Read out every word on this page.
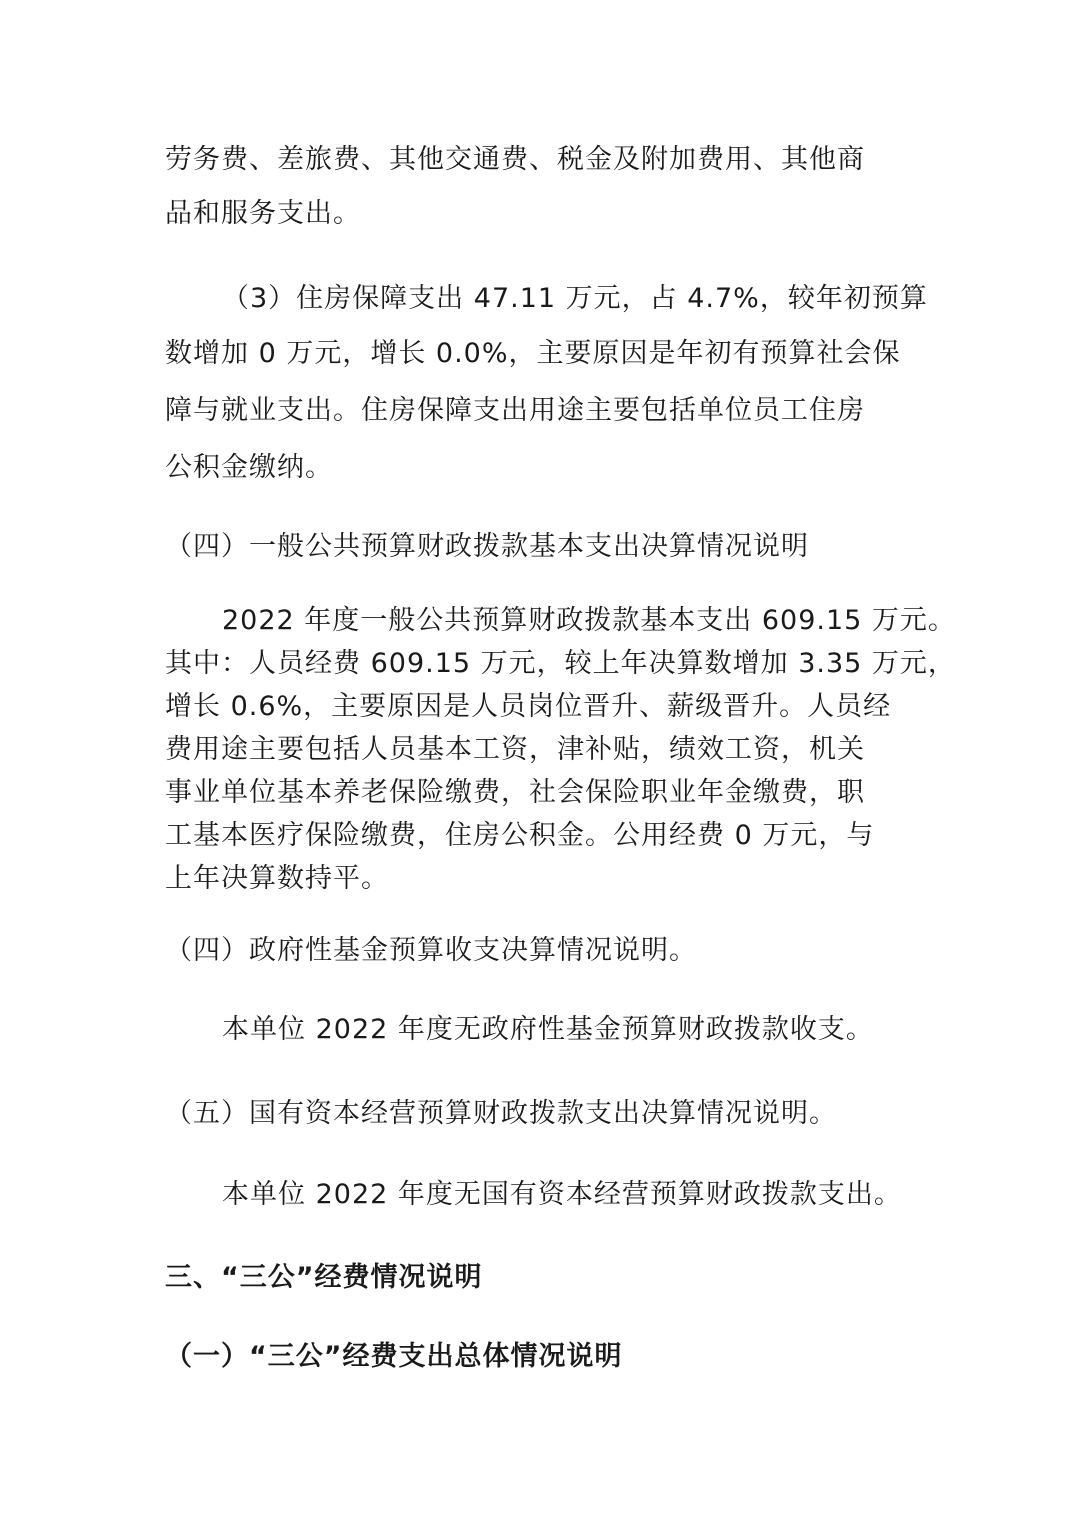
劳务费、差旅费、其他交通费、税金及附加费用、其他商
品和服务支出。
（3）住房保障支出 47.11 万元，占 4.7%，较年初预算
数增加 0 万元，增长 0.0%，主要原因是年初有预算社会保
障与就业支出。住房保障支出用途主要包括单位员工住房
公积金缴纳。
（四）一般公共预算财政拨款基本支出决算情况说明
2022 年度一般公共预算财政拨款基本支出 609.15 万元。
其中：人员经费 609.15 万元，较上年决算数增加 3.35 万元，
增长 0.6%，主要原因是人员岗位晋升、薪级晋升。人员经
费用途主要包括人员基本工资，津补贴，绩效工资，机关
事业单位基本养老保险缴费，社会保险职业年金缴费，职
工基本医疗保险缴费，住房公积金。公用经费 0 万元，与
上年决算数持平。
（四）政府性基金预算收支决算情况说明。
本单位 2022 年度无政府性基金预算财政拨款收支。
（五）国有资本经营预算财政拨款支出决算情况说明。
本单位 2022 年度无国有资本经营预算财政拨款支出。
三、“三公”经费情况说明
（一）“三公”经费支出总体情况说明
